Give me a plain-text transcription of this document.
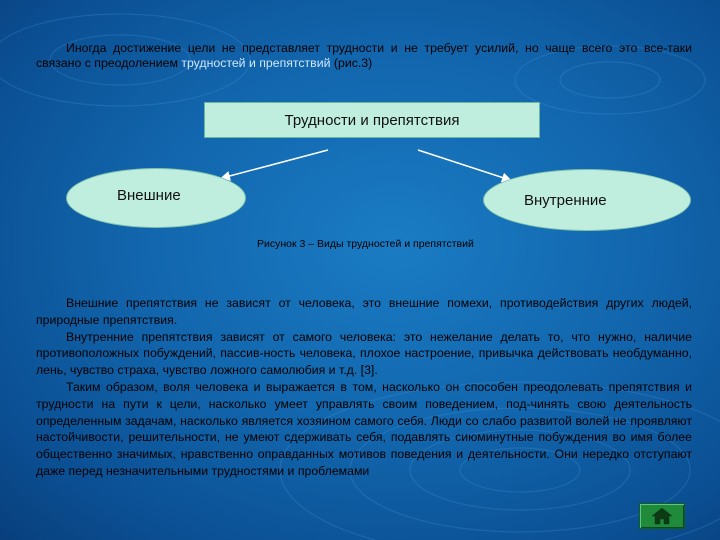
Иногда достижение цели не представляет трудности и не требует усилий, но чаще всего это все-таки связано с преодолением трудностей и препятствий (рис.3)

Трудности и препятствия
Внешние	Внутренние
Рисунок 3 – Виды трудностей и препятствий

Внешние препятствия не зависят от человека, это внешние помехи, противодействия других людей, природные препятствия.

Внутренние препятствия зависят от самого человека: это нежелание делать то, что нужно, наличие противоположных побуждений, пассив-ность человека, плохое настроение, привычка действовать необдуманно, лень, чувство страха, чувство ложного самолюбия и т.д. [3].

Таким образом, воля человека и выражается в том, насколько он способен преодолевать препятствия и трудности на пути к цели, насколько умеет управлять своим поведением, под-чинять свою деятельность определенным задачам, насколько является хозяином самого себя. Люди со слабо развитой волей не проявляют настойчивости, решительности, не умеют сдерживать себя, подавлять сиюминутные побуждения во имя более общественно значимых, нравственно оправданных мотивов поведения и деятельности. Они нередко отступают даже перед незначительными трудностями и проблемами
